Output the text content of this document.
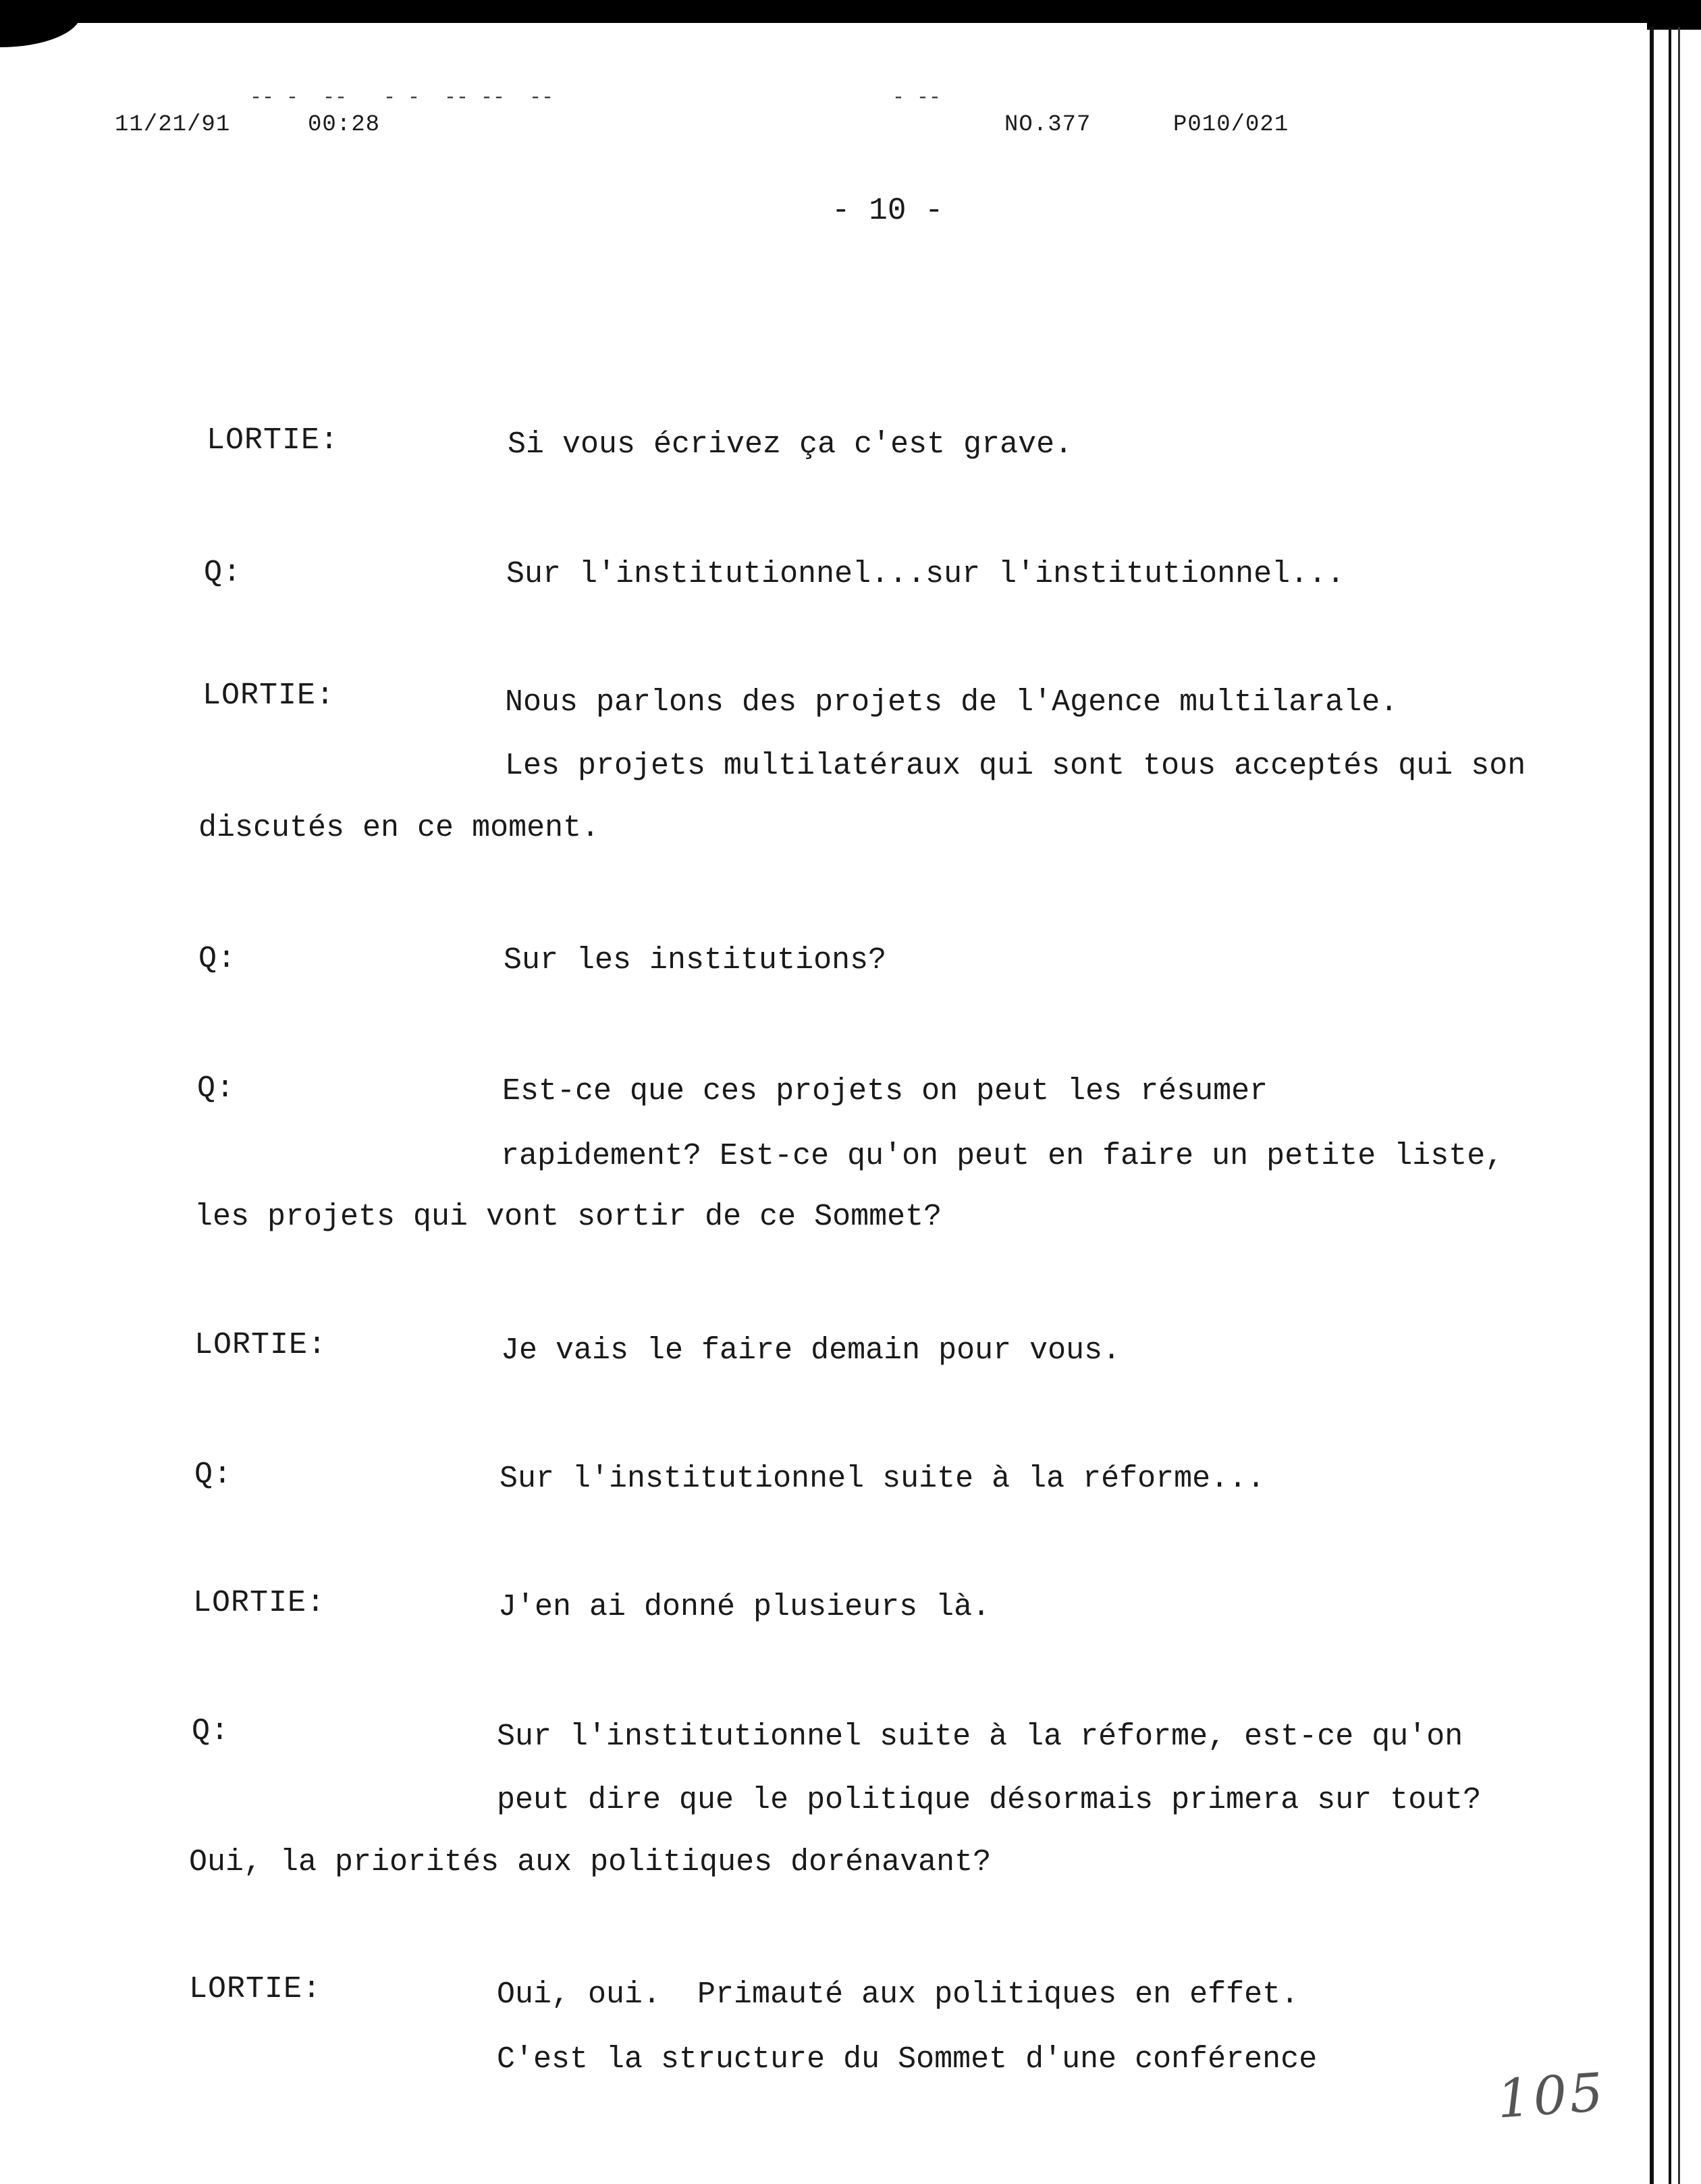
‐‐ ‐  ‐‐   ‐ ‐  ‐‐ ‐‐  ‐‐	‐ ‐‐
11/21/91	00:28	NO.377	P010/021
- 10 -
LORTIE:	Si vous écrivez ça c'est grave.
Q:	Sur l'institutionnel...sur l'institutionnel...
LORTIE:	Nous parlons des projets de l'Agence multilarale.
Les projets multilatéraux qui sont tous acceptés qui son
discutés en ce moment.
Q:	Sur les institutions?
Q:	Est-ce que ces projets on peut les résumer
rapidement? Est-ce qu'on peut en faire un petite liste,
les projets qui vont sortir de ce Sommet?
LORTIE:	Je vais le faire demain pour vous.
Q:	Sur l'institutionnel suite à la réforme...
LORTIE:	J'en ai donné plusieurs là.
Q:	Sur l'institutionnel suite à la réforme, est-ce qu'on
peut dire que le politique désormais primera sur tout?
Oui, la priorités aux politiques dorénavant?
LORTIE:	Oui, oui.  Primauté aux politiques en effet.
C'est la structure du Sommet d'une conférence
105
